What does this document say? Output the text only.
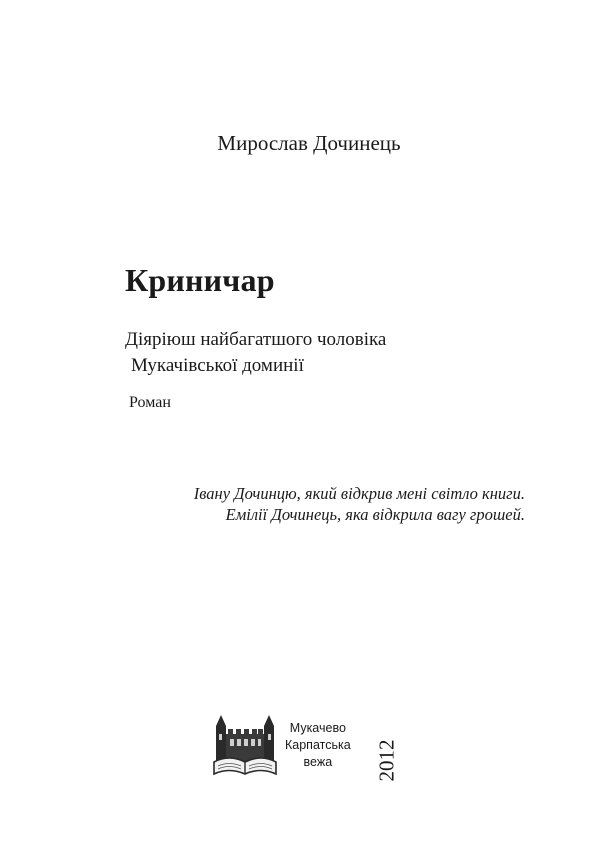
Мирослав Дочинець
Криничар
Діяріюш найбагатшого чоловіка
Мукачівської доминії
Роман
Івану Дочинцю, який відкрив мені світло книги.
Емілії Дочинець, яка відкрила вагу грошей.
Мукачево
Карпатська
вежа	2012
